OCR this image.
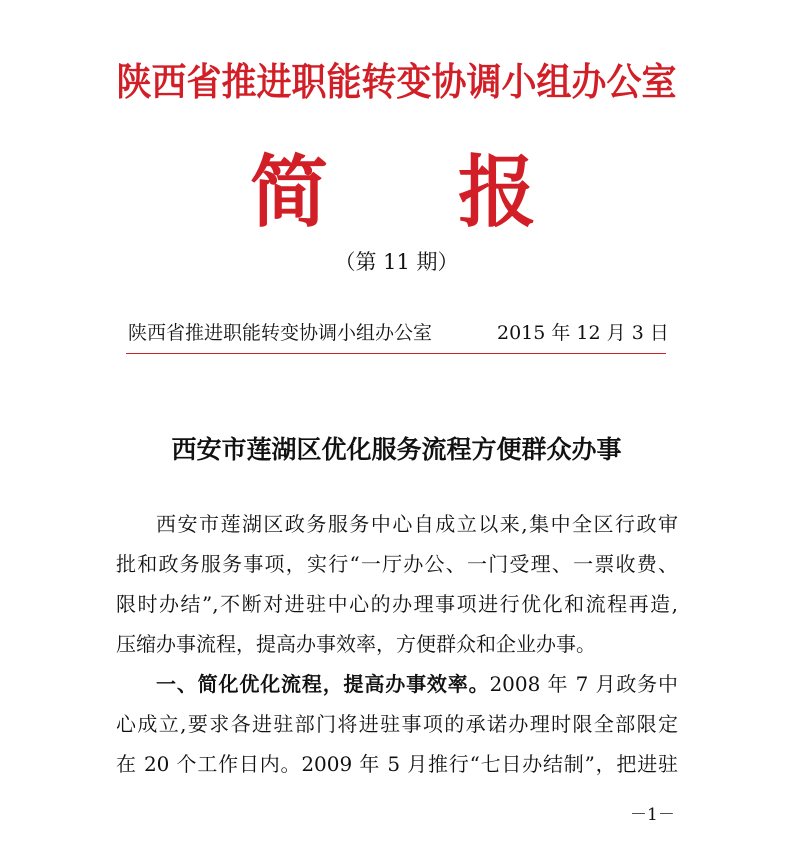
陕西省推进职能转变协调小组办公室
简 报
（第 11 期）
陕西省推进职能转变协调小组办公室	2015 年 12 月 3 日
西安市莲湖区优化服务流程方便群众办事
西安市莲湖区政务服务中心自成立以来,集中全区行政审
批和政务服务事项，实行“一厅办公、一门受理、一票收费、
限时办结”,不断对进驻中心的办理事项进行优化和流程再造,
压缩办事流程，提高办事效率，方便群众和企业办事。
一、简化优化流程，提高办事效率。2008 年 7 月政务中
心成立,要求各进驻部门将进驻事项的承诺办理时限全部限定
在 20 个工作日内。2009 年 5 月推行“七日办结制”，把进驻
－1－
